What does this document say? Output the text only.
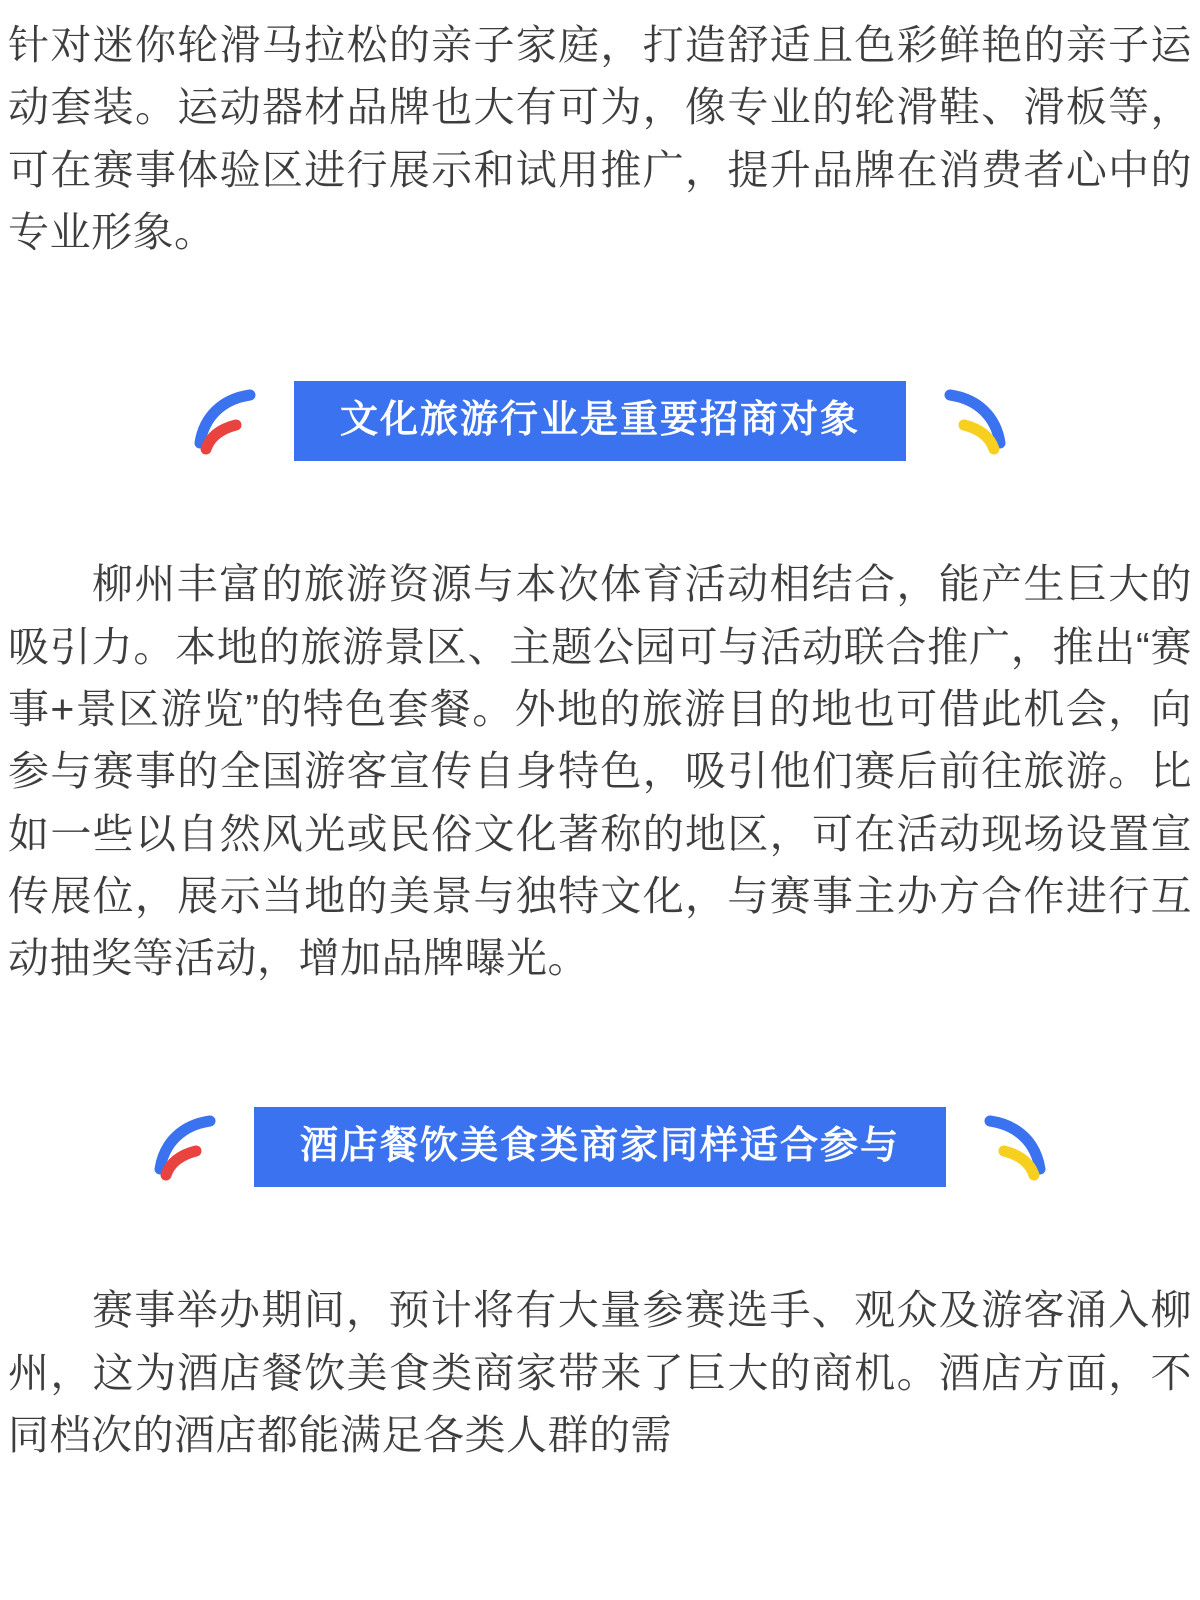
针对迷你轮滑马拉松的亲子家庭，打造舒适且色彩鲜艳的亲子运动套装。运动器材品牌也大有可为，像专业的轮滑鞋、滑板等，可在赛事体验区进行展示和试用推广，提升品牌在消费者心中的专业形象。

文化旅游行业是重要招商对象

柳州丰富的旅游资源与本次体育活动相结合，能产生巨大的吸引力。本地的旅游景区、主题公园可与活动联合推广，推出“赛事+景区游览”的特色套餐。外地的旅游目的地也可借此机会，向参与赛事的全国游客宣传自身特色，吸引他们赛后前往旅游。比如一些以自然风光或民俗文化著称的地区，可在活动现场设置宣传展位，展示当地的美景与独特文化，与赛事主办方合作进行互动抽奖等活动，增加品牌曝光。

酒店餐饮美食类商家同样适合参与

赛事举办期间，预计将有大量参赛选手、观众及游客涌入柳州，这为酒店餐饮美食类商家带来了巨大的商机。酒店方面，不同档次的酒店都能满足各类人群的需
